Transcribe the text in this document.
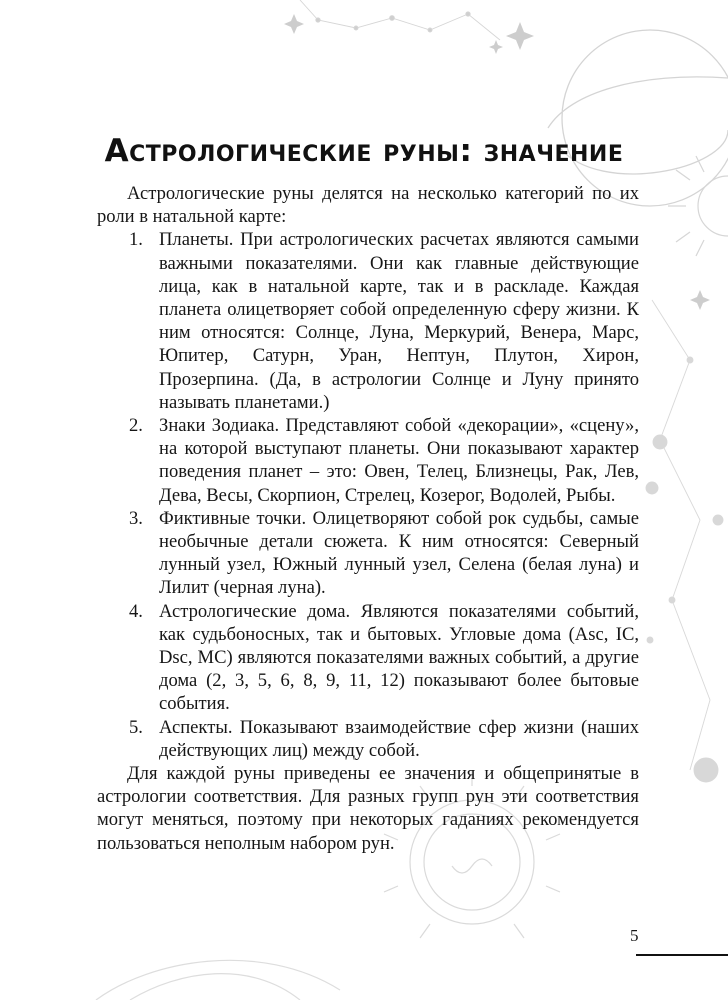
Астрологические руны: значение

Астрологические руны делятся на несколько категорий по их роли в натальной карте:

1. Планеты. При астрологических расчетах являются самыми важными показателями. Они как главные действующие лица, как в натальной карте, так и в раскладе. Каждая планета олицетворяет собой определенную сферу жизни. К ним относятся: Солнце, Луна, Меркурий, Венера, Марс, Юпитер, Сатурн, Уран, Нептун, Плутон, Хирон, Прозерпина. (Да, в астрологии Солнце и Луну принято называть планетами.)
2. Знаки Зодиака. Представляют собой «декорации», «сцену», на которой выступают планеты. Они показывают характер поведения планет – это: Овен, Телец, Близнецы, Рак, Лев, Дева, Весы, Скорпион, Стрелец, Козерог, Водолей, Рыбы.
3. Фиктивные точки. Олицетворяют собой рок судьбы, самые необычные детали сюжета. К ним относятся: Северный лунный узел, Южный лунный узел, Селена (белая луна) и Лилит (черная луна).
4. Астрологические дома. Являются показателями событий, как судьбоносных, так и бытовых. Угловые дома (Asc, IC, Dsc, MC) являются показателями важных событий, а другие дома (2, 3, 5, 6, 8, 9, 11, 12) показывают более бытовые события.
5. Аспекты. Показывают взаимодействие сфер жизни (наших действующих лиц) между собой.

Для каждой руны приведены ее значения и общепринятые в астрологии соответствия. Для разных групп рун эти соответствия могут меняться, поэтому при некоторых гаданиях рекомендуется пользоваться неполным набором рун.

5
